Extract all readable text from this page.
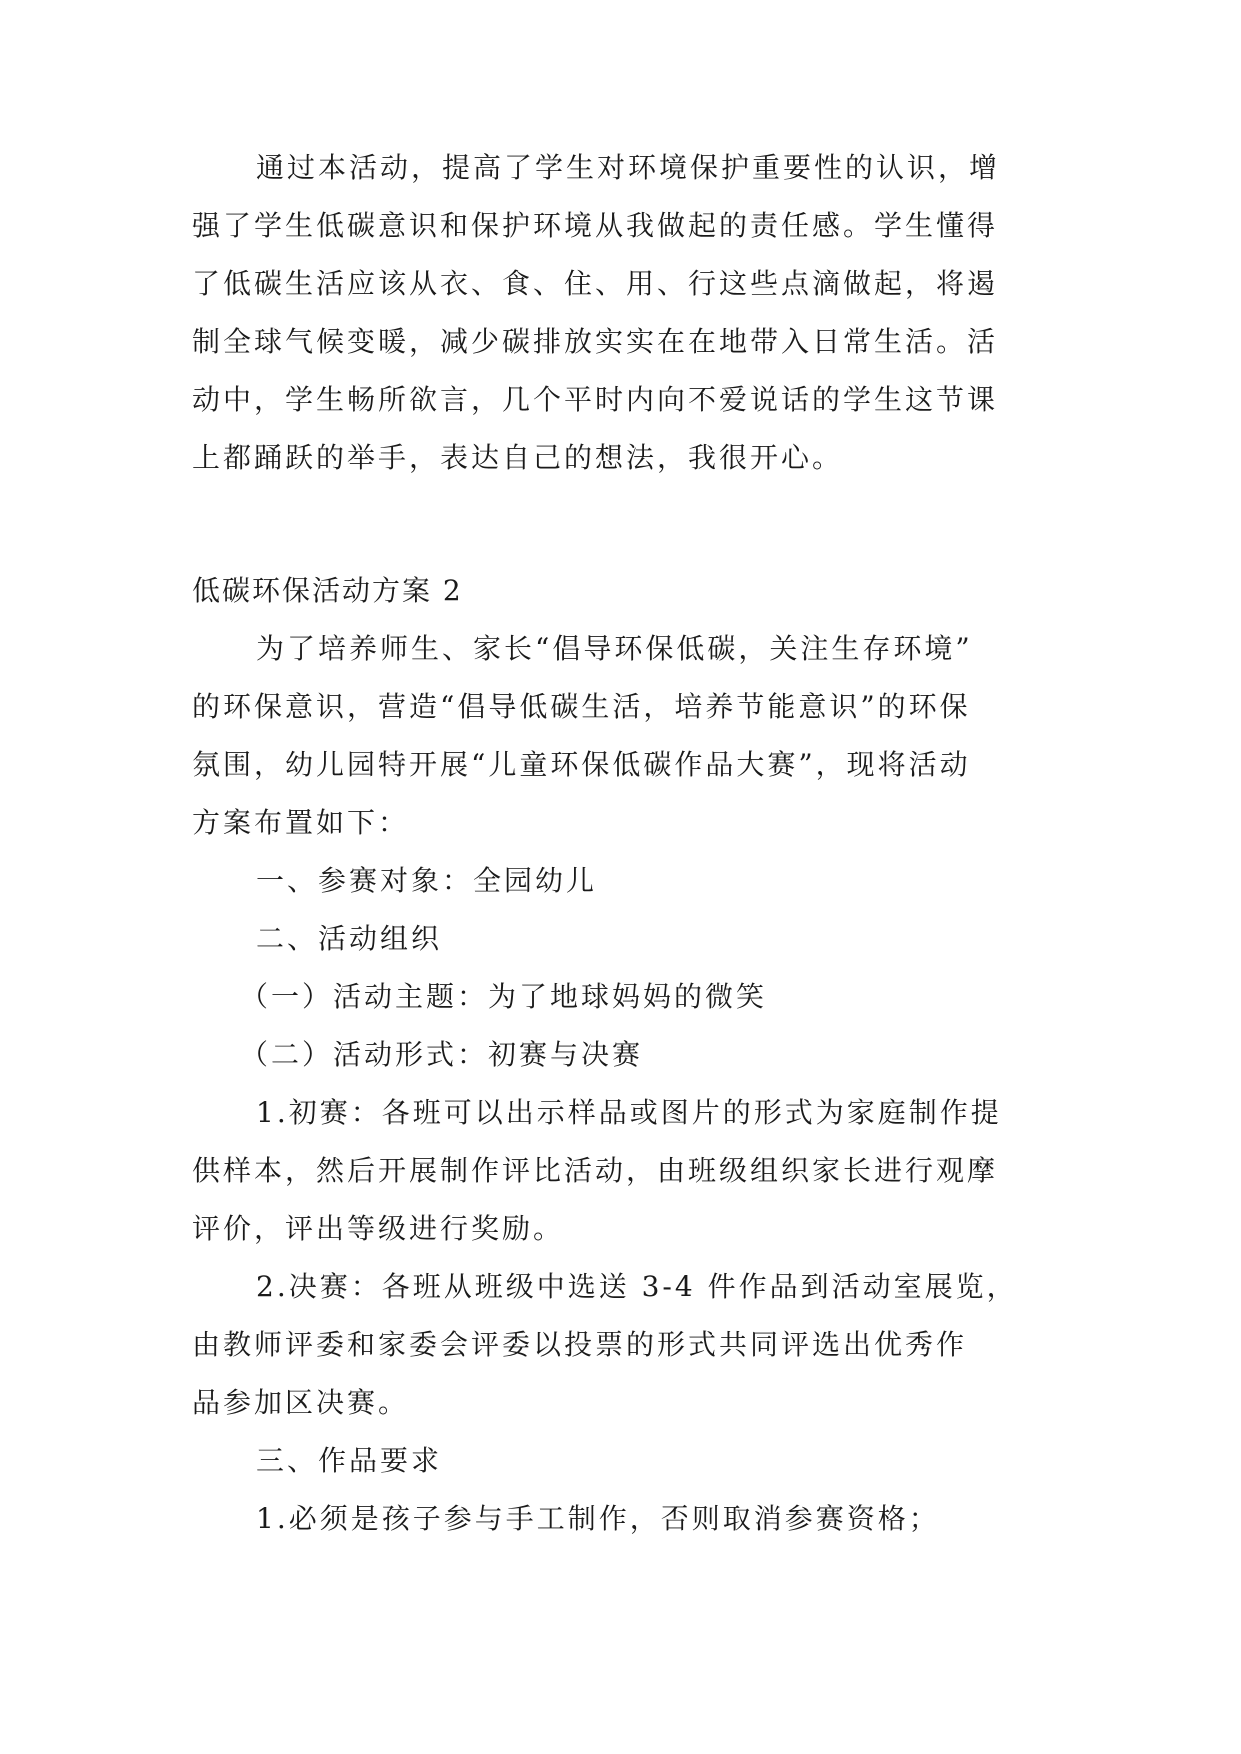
通过本活动，提高了学生对环境保护重要性的认识，增
强了学生低碳意识和保护环境从我做起的责任感。学生懂得
了低碳生活应该从衣、食、住、用、行这些点滴做起，将遏
制全球气候变暖，减少碳排放实实在在地带入日常生活。活
动中，学生畅所欲言，几个平时内向不爱说话的学生这节课
上都踊跃的举手，表达自己的想法，我很开心。
低碳环保活动方案 2
为了培养师生、家长“倡导环保低碳，关注生存环境”
的环保意识，营造“倡导低碳生活，培养节能意识”的环保
氛围，幼儿园特开展“儿童环保低碳作品大赛”，现将活动
方案布置如下：
一、参赛对象：全园幼儿
二、活动组织
（一）活动主题：为了地球妈妈的微笑
（二）活动形式：初赛与决赛
1.初赛：各班可以出示样品或图片的形式为家庭制作提
供样本，然后开展制作评比活动，由班级组织家长进行观摩
评价，评出等级进行奖励。
2.决赛：各班从班级中选送 3-4 件作品到活动室展览，
由教师评委和家委会评委以投票的形式共同评选出优秀作
品参加区决赛。
三、作品要求
1.必须是孩子参与手工制作，否则取消参赛资格；
